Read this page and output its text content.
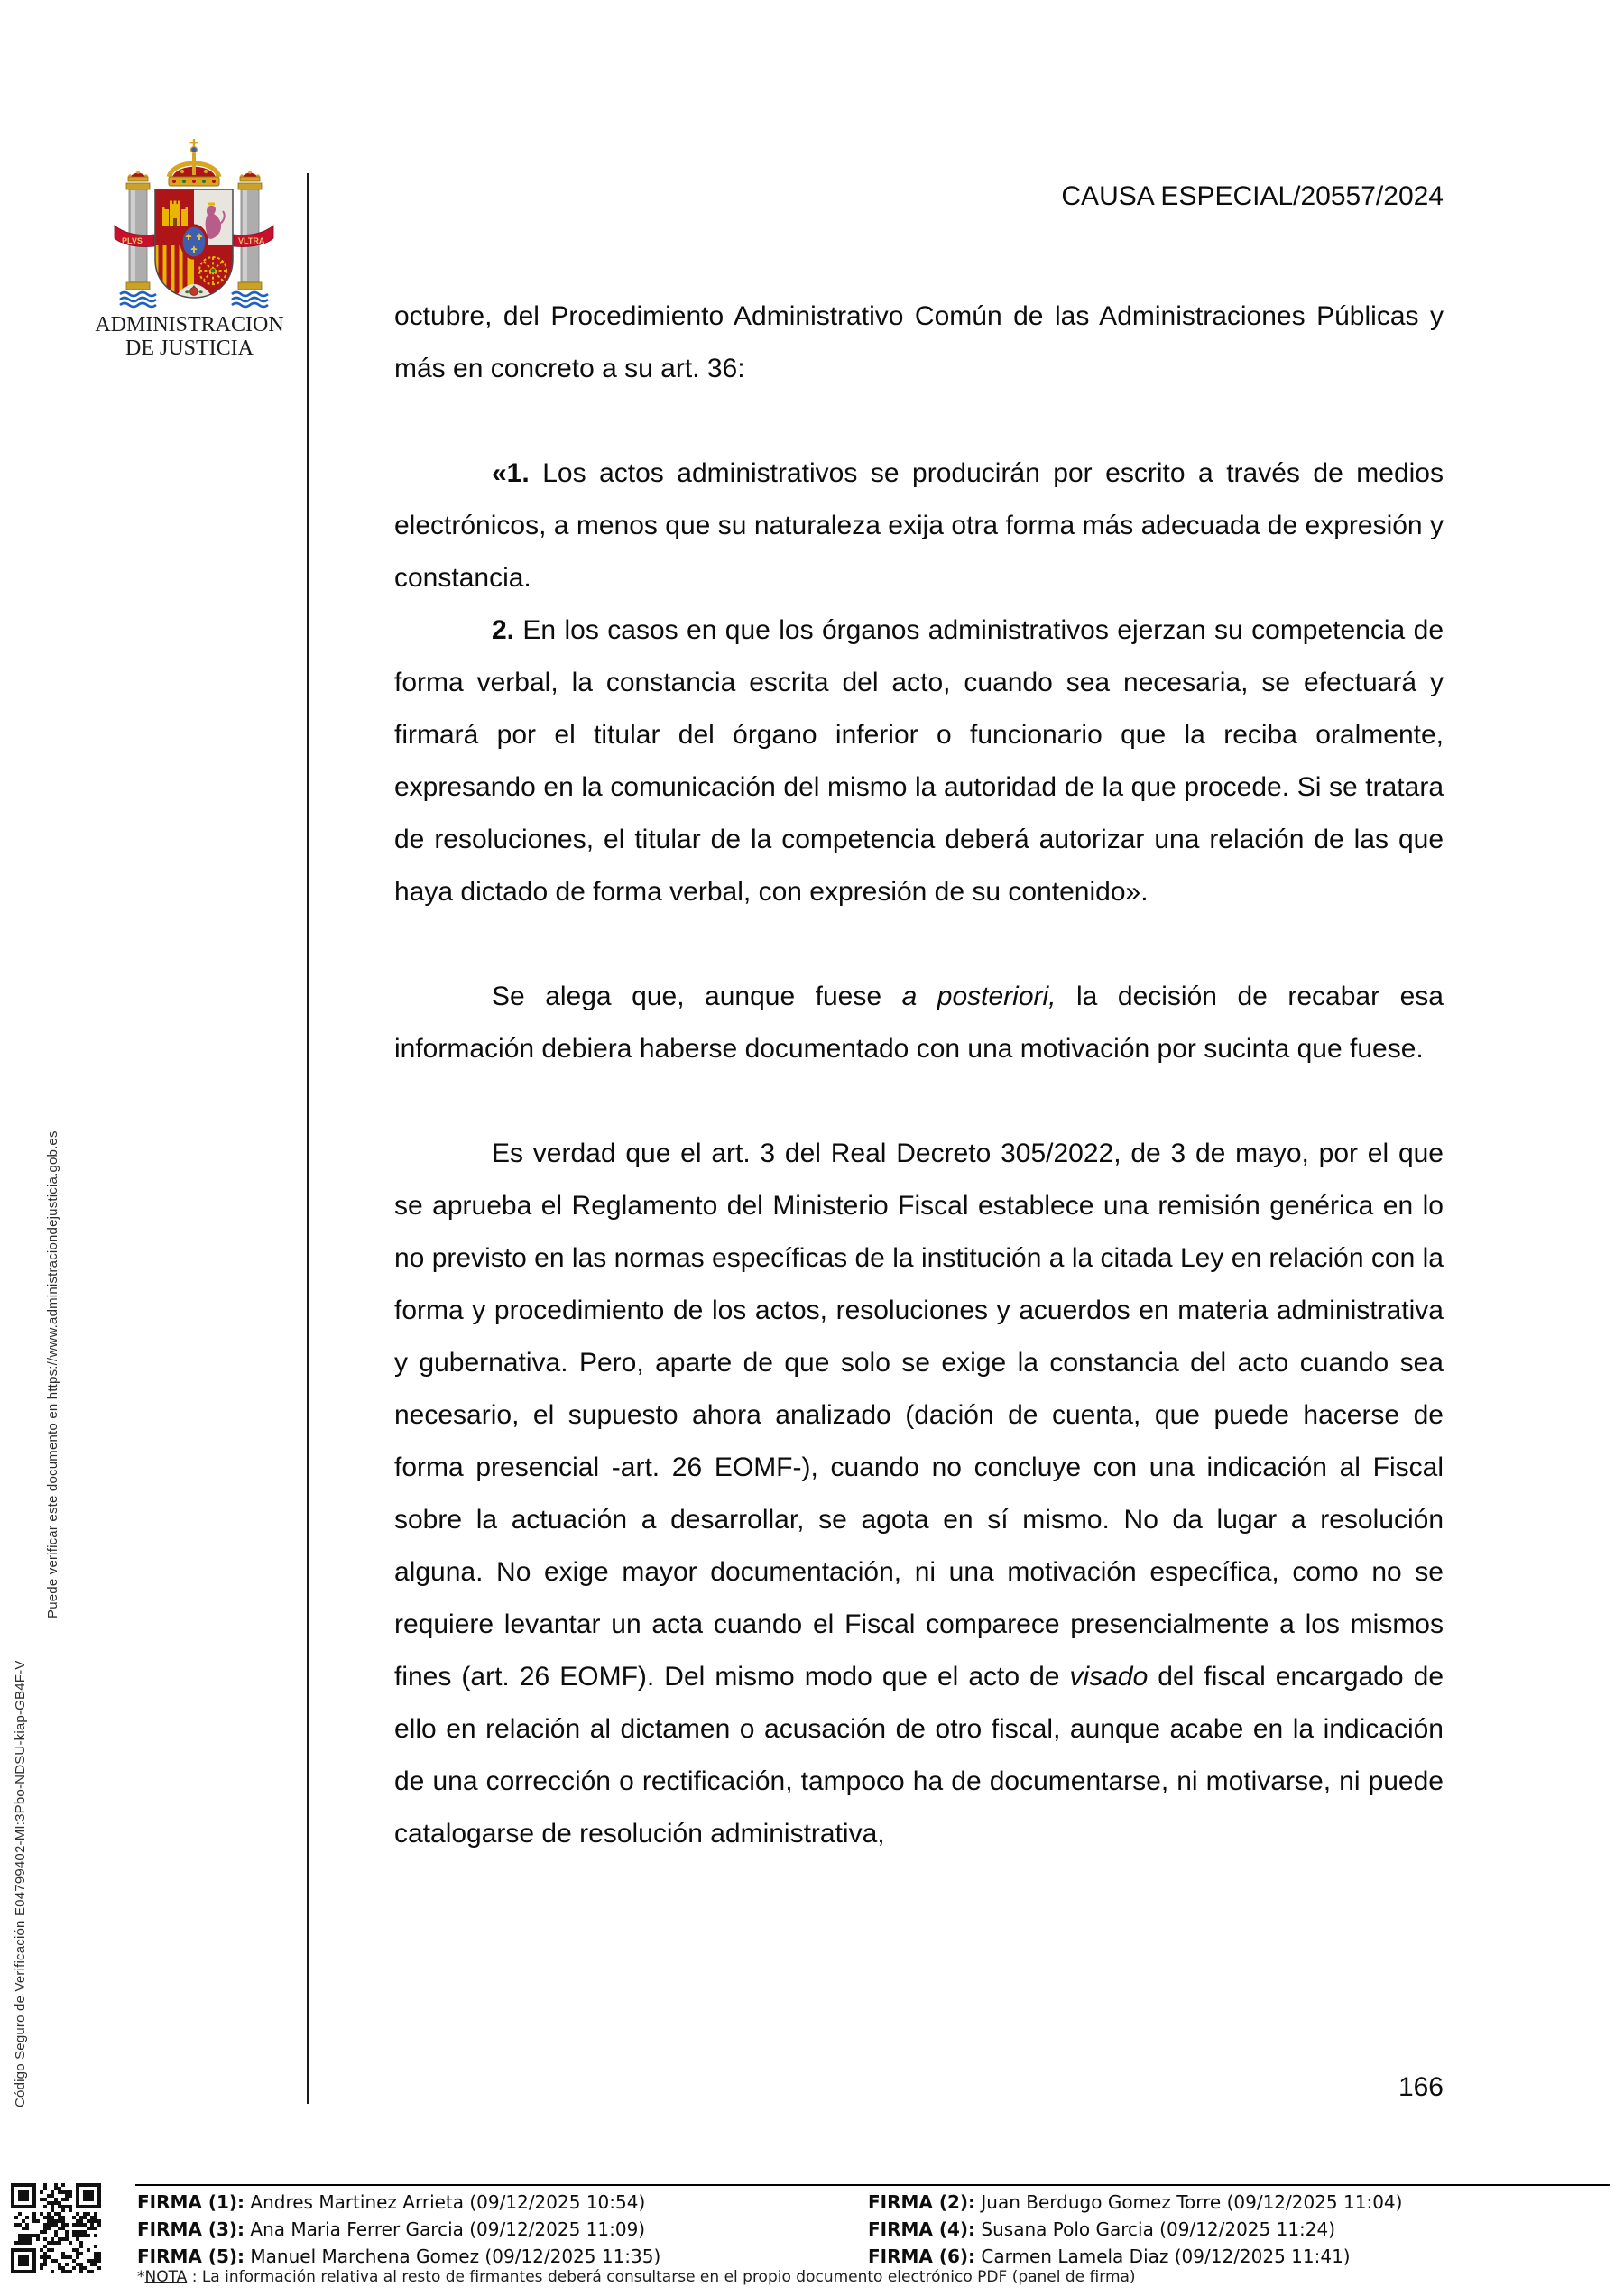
Código Seguro de Verificación E04799402-MI:3Pbo-NDSU-kiap-GB4F-V
Puede verificar este documento en https://www.administraciondejusticia.gob.es
PLVS	VLTRA
ADMINISTRACION
DE JUSTICIA
CAUSA ESPECIAL/20557/2024

octubre, del Procedimiento Administrativo Común de las Administraciones Públicas y más en concreto a su art. 36:

«1. Los actos administrativos se producirán por escrito a través de medios electrónicos, a menos que su naturaleza exija otra forma más adecuada de expresión y constancia.

2. En los casos en que los órganos administrativos ejerzan su competencia de forma verbal, la constancia escrita del acto, cuando sea necesaria, se efectuará y firmará por el titular del órgano inferior o funcionario que la reciba oralmente, expresando en la comunicación del mismo la autoridad de la que procede. Si se tratara de resoluciones, el titular de la competencia deberá autorizar una relación de las que haya dictado de forma verbal, con expresión de su contenido».

Se alega que, aunque fuese a posteriori, la decisión de recabar esa información debiera haberse documentado con una motivación por sucinta que fuese.

Es verdad que el art. 3 del Real Decreto 305/2022, de 3 de mayo, por el que se aprueba el Reglamento del Ministerio Fiscal establece una remisión genérica en lo no previsto en las normas específicas de la institución a la citada Ley en relación con la forma y procedimiento de los actos, resoluciones y acuerdos en materia administrativa y gubernativa. Pero, aparte de que solo se exige la constancia del acto cuando sea necesario, el supuesto ahora analizado (dación de cuenta, que puede hacerse de forma presencial -art. 26 EOMF-), cuando no concluye con una indicación al Fiscal sobre la actuación a desarrollar, se agota en sí mismo. No da lugar a resolución alguna. No exige mayor documentación, ni una motivación específica, como no se requiere levantar un acta cuando el Fiscal comparece presencialmente a los mismos fines (art. 26 EOMF). Del mismo modo que el acto de visado del fiscal encargado de ello en relación al dictamen o acusación de otro fiscal, aunque acabe en la indicación de una corrección o rectificación, tampoco ha de documentarse, ni motivarse, ni puede catalogarse de resolución administrativa,

166
FIRMA (1): Andres Martinez Arrieta (09/12/2025 10:54)	FIRMA (2): Juan Berdugo Gomez Torre (09/12/2025 11:04)
FIRMA (3): Ana Maria Ferrer Garcia (09/12/2025 11:09)	FIRMA (4): Susana Polo Garcia (09/12/2025 11:24)
FIRMA (5): Manuel Marchena Gomez (09/12/2025 11:35)	FIRMA (6): Carmen Lamela Diaz (09/12/2025 11:41)
*NOTA : La información relativa al resto de firmantes deberá consultarse en el propio documento electrónico PDF (panel de firma)
